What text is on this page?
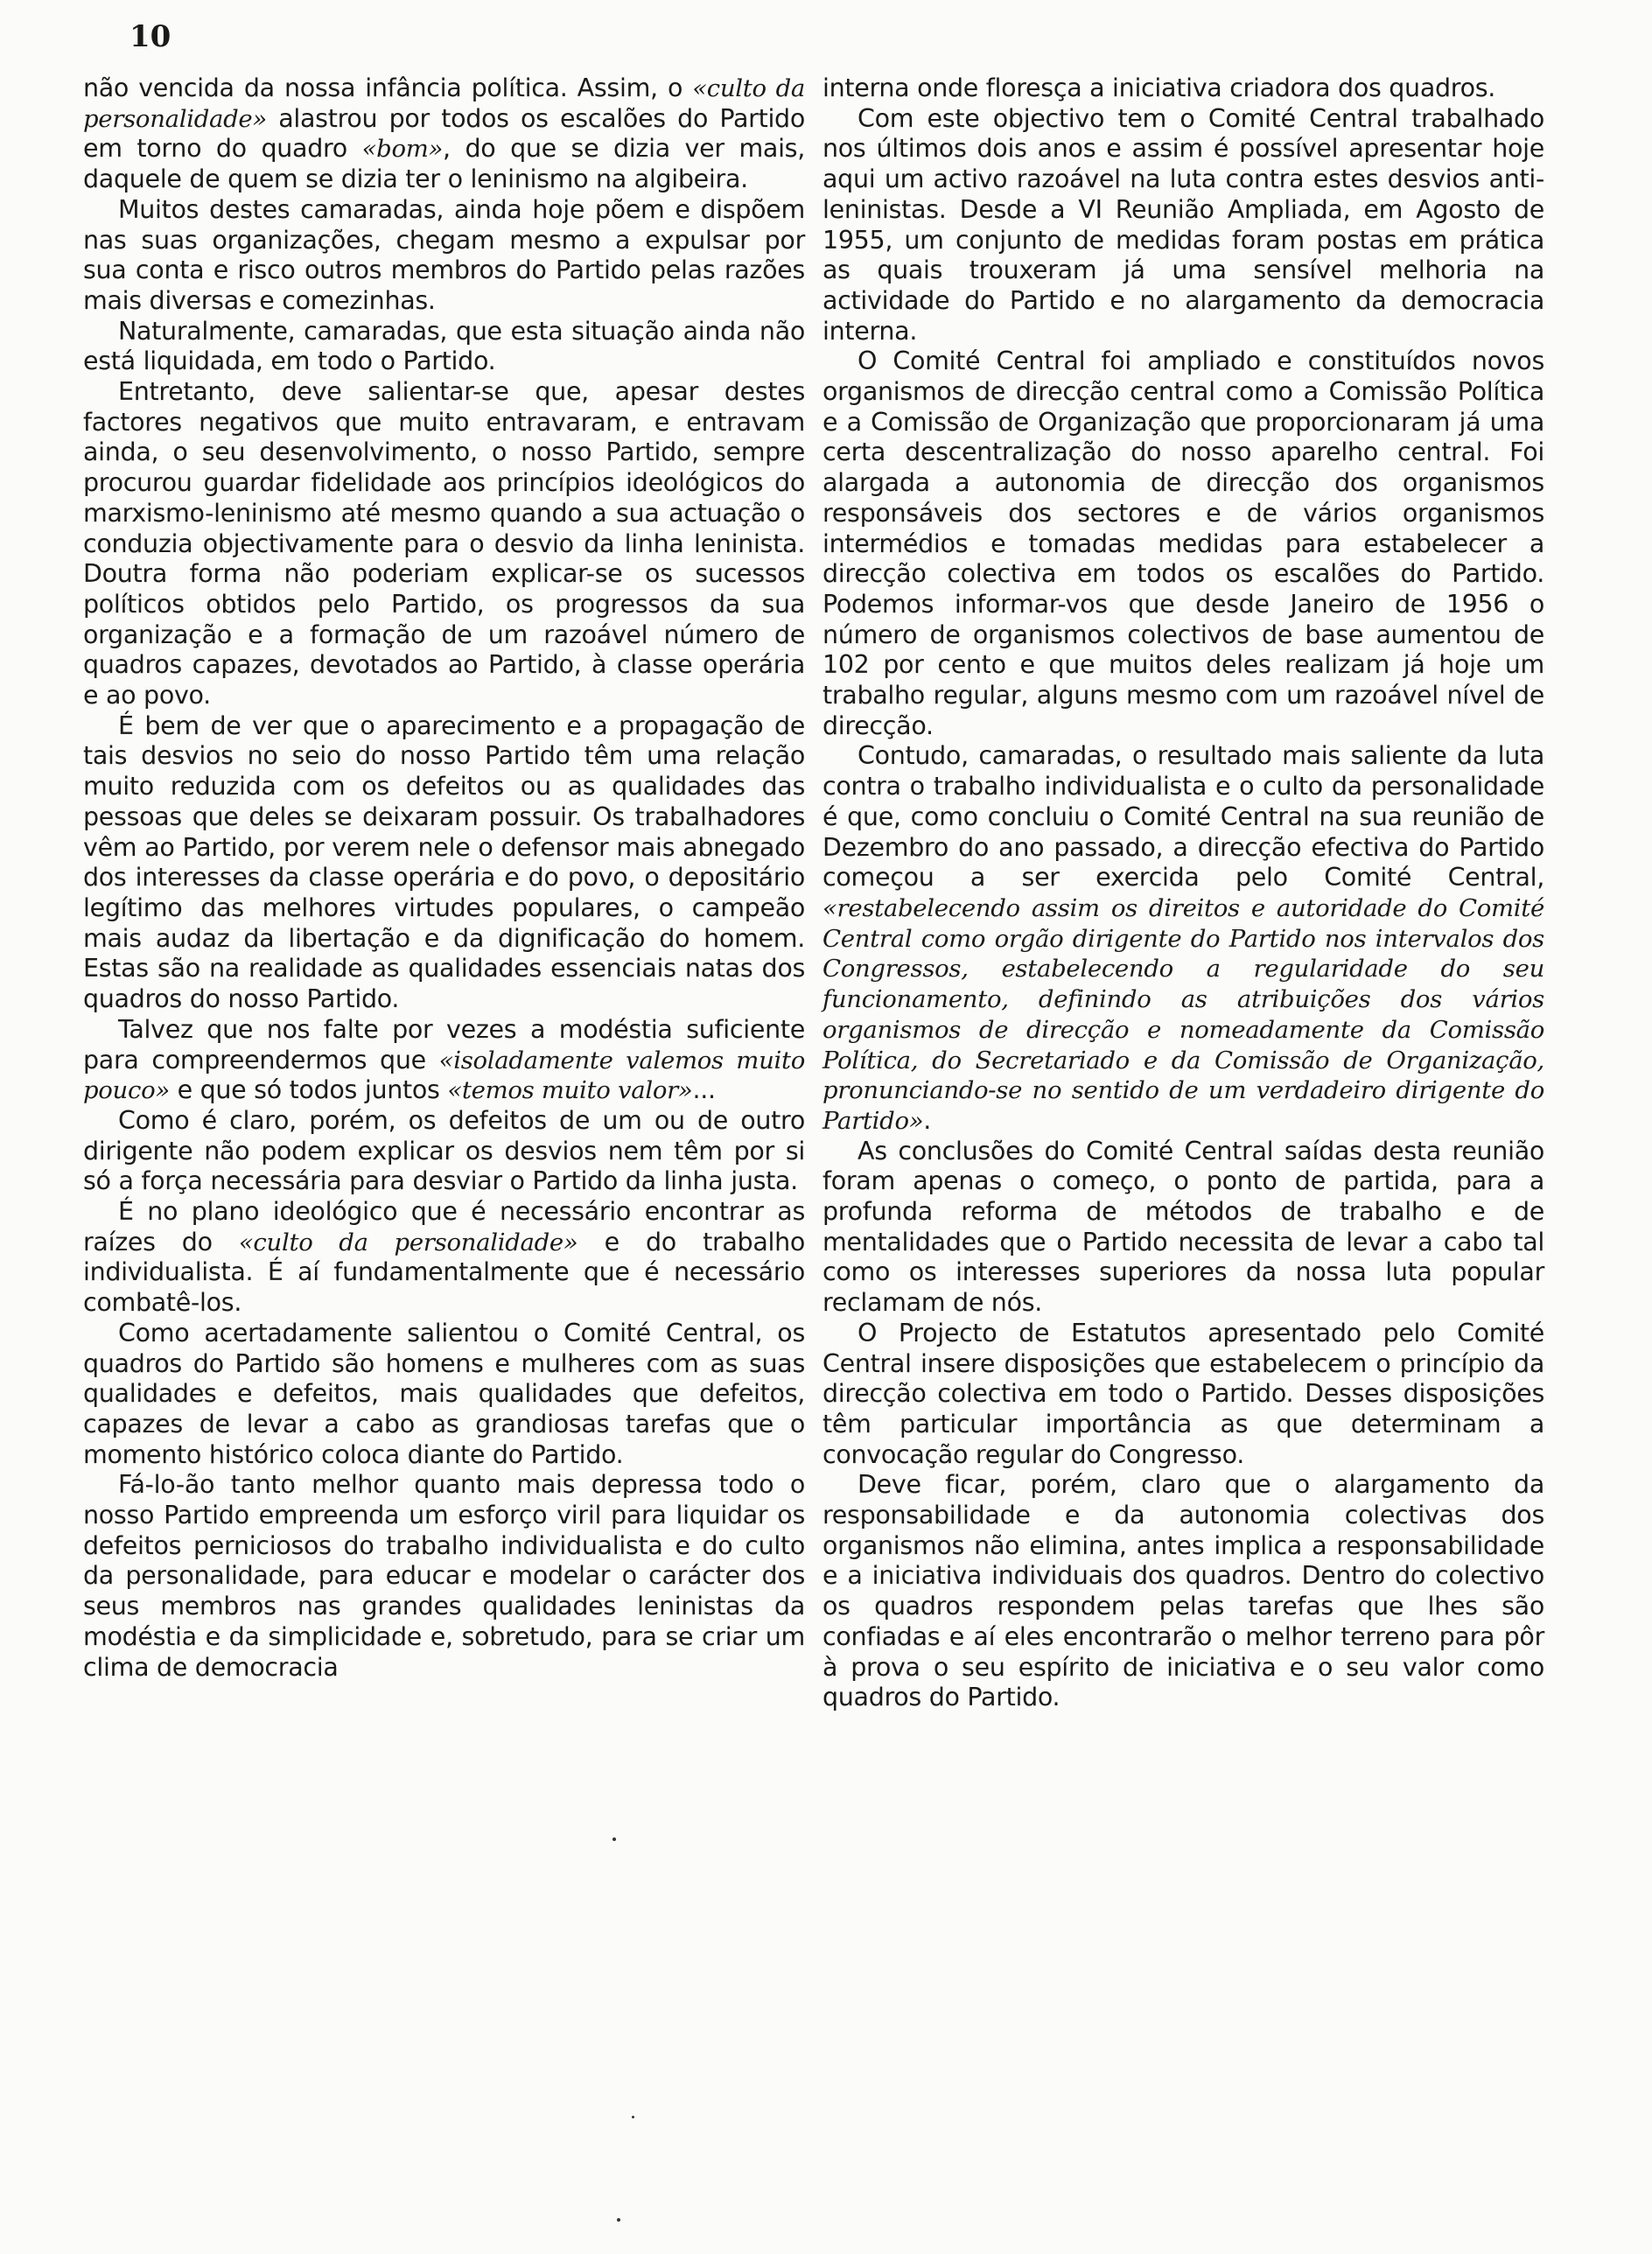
10

não vencida da nossa infância política. Assim, o «culto da personalidade» alastrou por todos os escalões do Partido em torno do quadro «bom», do que se dizia ver mais, daquele de quem se dizia ter o leninismo na algibeira.

Muitos destes camaradas, ainda hoje põem e dispõem nas suas organizações, chegam mesmo a expulsar por sua conta e risco outros membros do Partido pelas razões mais diversas e comezinhas.

Naturalmente, camaradas, que esta situação ainda não está liquidada, em todo o Partido.

Entretanto, deve salientar-se que, apesar destes factores negativos que muito entravaram, e entravam ainda, o seu desenvolvimento, o nosso Partido, sempre procurou guardar fidelidade aos princípios ideológicos do marxismo-leninismo até mesmo quando a sua actuação o conduzia objectivamente para o desvio da linha leninista. Doutra forma não poderiam explicar-se os sucessos políticos obtidos pelo Partido, os progressos da sua organização e a formação de um razoável número de quadros capazes, devotados ao Partido, à classe operária e ao povo.

É bem de ver que o aparecimento e a propagação de tais desvios no seio do nosso Partido têm uma relação muito reduzida com os defeitos ou as qualidades das pessoas que deles se deixaram possuir. Os trabalhadores vêm ao Partido, por verem nele o defensor mais abnegado dos interesses da classe operária e do povo, o depositário legítimo das melhores virtudes populares, o campeão mais audaz da libertação e da dignificação do homem. Estas são na realidade as qualidades essenciais natas dos quadros do nosso Partido.

Talvez que nos falte por vezes a modéstia suficiente para compreendermos que «isoladamente valemos muito pouco» e que só todos juntos «temos muito valor»...

Como é claro, porém, os defeitos de um ou de outro dirigente não podem explicar os desvios nem têm por si só a força necessária para desviar o Partido da linha justa.

É no plano ideológico que é necessário encontrar as raízes do «culto da personalidade» e do trabalho individualista. É aí fundamentalmente que é necessário combatê-los.

Como acertadamente salientou o Comité Central, os quadros do Partido são homens e mulheres com as suas qualidades e defeitos, mais qualidades que defeitos, capazes de levar a cabo as grandiosas tarefas que o momento histórico coloca diante do Partido.

Fá-lo-ão tanto melhor quanto mais depressa todo o nosso Partido empreenda um esforço viril para liquidar os defeitos perniciosos do trabalho individualista e do culto da personalidade, para educar e modelar o carácter dos seus membros nas grandes qualidades leninistas da modéstia e da simplicidade e, sobretudo, para se criar um clima de democracia

interna onde floresça a iniciativa criadora dos quadros.

Com este objectivo tem o Comité Central trabalhado nos últimos dois anos e assim é possível apresentar hoje aqui um activo razoável na luta contra estes desvios anti-leninistas. Desde a VI Reunião Ampliada, em Agosto de 1955, um conjunto de medidas foram postas em prática as quais trouxeram já uma sensível melhoria na actividade do Partido e no alargamento da democracia interna.

O Comité Central foi ampliado e constituídos novos organismos de direcção central como a Comissão Política e a Comissão de Organização que proporcionaram já uma certa descentralização do nosso aparelho central. Foi alargada a autonomia de direcção dos organismos responsáveis dos sectores e de vários organismos intermédios e tomadas medidas para estabelecer a direcção colectiva em todos os escalões do Partido. Podemos informar-vos que desde Janeiro de 1956 o número de organismos colectivos de base aumentou de 102 por cento e que muitos deles realizam já hoje um trabalho regular, alguns mesmo com um razoável nível de direcção.

Contudo, camaradas, o resultado mais saliente da luta contra o trabalho individualista e o culto da personalidade é que, como concluiu o Comité Central na sua reunião de Dezembro do ano passado, a direcção efectiva do Partido começou a ser exercida pelo Comité Central, «restabelecendo assim os direitos e autoridade do Comité Central como orgão dirigente do Partido nos intervalos dos Congressos, estabelecendo a regularidade do seu funcionamento, definindo as atribuições dos vários organismos de direcção e nomeadamente da Comissão Política, do Secretariado e da Comissão de Organização, pronunciando-se no sentido de um verdadeiro dirigente do Partido».

As conclusões do Comité Central saídas desta reunião foram apenas o começo, o ponto de partida, para a profunda reforma de métodos de trabalho e de mentalidades que o Partido necessita de levar a cabo tal como os interesses superiores da nossa luta popular reclamam de nós.

O Projecto de Estatutos apresentado pelo Comité Central insere disposições que estabelecem o princípio da direcção colectiva em todo o Partido. Desses disposições têm particular importância as que determinam a convocação regular do Congresso.

Deve ficar, porém, claro que o alargamento da responsabilidade e da autonomia colectivas dos organismos não elimina, antes implica a responsabilidade e a iniciativa individuais dos quadros. Dentro do colectivo os quadros respondem pelas tarefas que lhes são confiadas e aí eles encontrarão o melhor terreno para pôr à prova o seu espírito de iniciativa e o seu valor como quadros do Partido.
